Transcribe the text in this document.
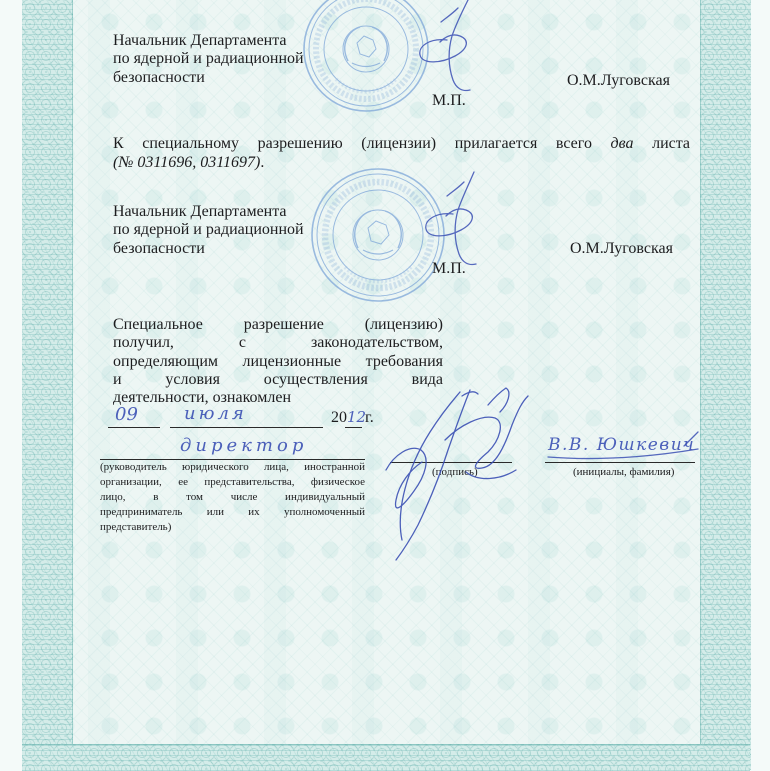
Начальник Департамента
по ядерной и радиационной
безопасности	О.М.Луговская
М.П.
К специальному разрешению (лицензии) прилагается всего два листа
(№ 0311696, 0311697).
Начальник Департамента
по ядерной и радиационной
безопасности	О.М.Луговская
М.П.
Специальное разрешение (лицензию)
получил, с законодательством,
определяющим лицензионные требования
и условия осуществления вида
деятельности, ознакомлен
09	июля	20 12
г.
директор
(руководитель юридического лица, иностранной
организации, ее представительства, физическое
лицо, в том числе индивидуальный
предприниматель или их уполномоченный
представитель)
(подпись)
В.В. Юшкевич
(инициалы, фамилия)
